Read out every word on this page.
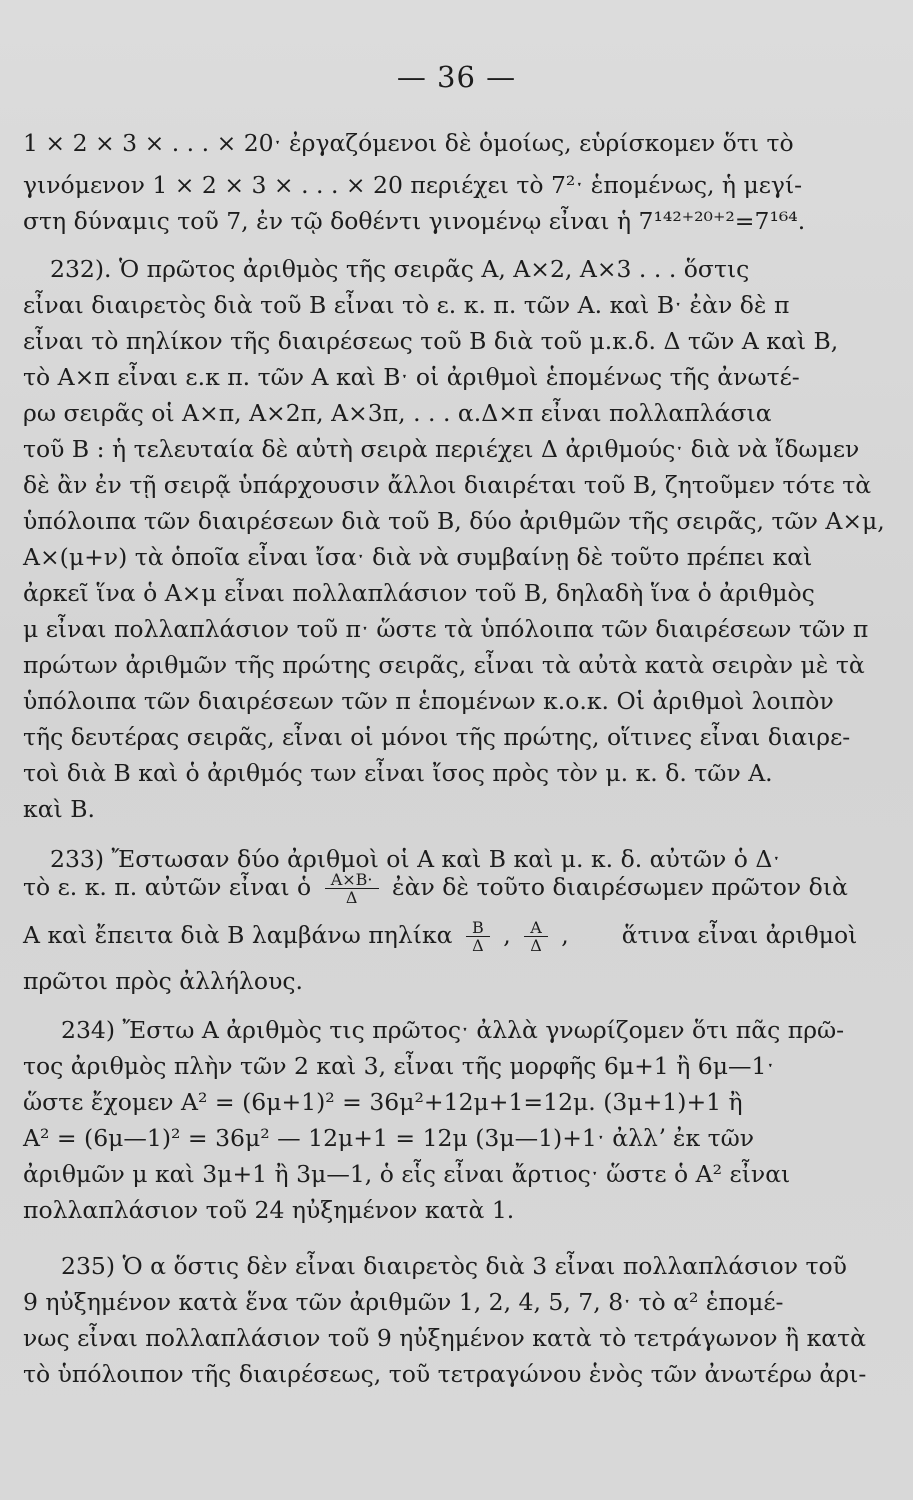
— 36 —
1 × 2 × 3 × . . . × 20ˑ ἐργαζόμενοι δὲ ὁμοίως, εὑρίσκομεν ὅτι τὸ
γινόμενον 1 × 2 × 3 × . . . × 20 περιέχει τὸ 7²ˑ ἑπομένως, ἡ μεγί-
στη δύναμις τοῦ 7, ἐν τῷ δοθέντι γινομένῳ εἶναι ἡ 7¹⁴²⁺²⁰⁺²=7¹⁶⁴.
232). Ὁ πρῶτος ἀριθμὸς τῆς σειρᾶς Α, Α×2, Α×3 . . . ὅστις
εἶναι διαιρετὸς διὰ τοῦ Β εἶναι τὸ ε. κ. π. τῶν Α. καὶ Βˑ ἐὰν δὲ π
εἶναι τὸ πηλίκον τῆς διαιρέσεως τοῦ Β διὰ τοῦ μ.κ.δ. Δ τῶν Α καὶ Β,
τὸ Α×π εἶναι ε.κ π. τῶν Α καὶ Βˑ οἱ ἀριθμοὶ ἑπομένως τῆς ἀνωτέ-
ρω σειρᾶς οἱ Α×π, Α×2π, Α×3π, . . . α.Δ×π εἶναι πολλαπλάσια
τοῦ Β : ἡ τελευταία δὲ αὐτὴ σειρὰ περιέχει Δ ἀριθμούςˑ διὰ νὰ ἴδωμεν
δὲ ἂν ἐν τῇ σειρᾷ ὑπάρχουσιν ἄλλοι διαιρέται τοῦ Β, ζητοῦμεν τότε τὰ
ὑπόλοιπα τῶν διαιρέσεων διὰ τοῦ Β, δύο ἀριθμῶν τῆς σειρᾶς, τῶν Α×μ,
Α×(μ+ν) τὰ ὁποῖα εἶναι ἴσαˑ διὰ νὰ συμβαίνῃ δὲ τοῦτο πρέπει καὶ
ἀρκεῖ ἵνα ὁ Α×μ εἶναι πολλαπλάσιον τοῦ Β, δηλαδὴ ἵνα ὁ ἀριθμὸς
μ εἶναι πολλαπλάσιον τοῦ πˑ ὥστε τὰ ὑπόλοιπα τῶν διαιρέσεων τῶν π
πρώτων ἀριθμῶν τῆς πρώτης σειρᾶς, εἶναι τὰ αὐτὰ κατὰ σειρὰν μὲ τὰ
ὑπόλοιπα τῶν διαιρέσεων τῶν π ἑπομένων κ.ο.κ. Οἱ ἀριθμοὶ λοιπὸν
τῆς δευτέρας σειρᾶς, εἶναι οἱ μόνοι τῆς πρώτης, οἵτινες εἶναι διαιρε-
τοὶ διὰ Β καὶ ὁ ἀριθμός των εἶναι ἴσος πρὸς τὸν μ. κ. δ. τῶν Α.
καὶ Β.
233) Ἔστωσαν δύο ἀριθμοὶ οἱ Α καὶ Β καὶ μ. κ. δ. αὐτῶν ὁ Δˑ
τὸ ε. κ. π. αὐτῶν εἶναι ὁ $\frac{A\times B\cdot}{\Delta}$ ἐὰν δὲ τοῦτο διαιρέσωμεν πρῶτον διὰ
Α καὶ ἔπειτα διὰ Β λαμβάνω πηλίκα $\frac{B}{\Delta}$ , $\frac{A}{\Delta}$ , ἅτινα εἶναι ἀριθμοὶ
πρῶτοι πρὸς ἀλλήλους.
234) Ἔστω Α ἀριθμὸς τις πρῶτοςˑ ἀλλὰ γνωρίζομεν ὅτι πᾶς πρῶ-
τος ἀριθμὸς πλὴν τῶν 2 καὶ 3, εἶναι τῆς μορφῆς 6μ+1 ἢ 6μ—1ˑ
ὥστε ἔχομεν Α² = (6μ+1)² = 36μ²+12μ+1=12μ. (3μ+1)+1 ἢ
Α² = (6μ—1)² = 36μ² — 12μ+1 = 12μ (3μ—1)+1ˑ ἀλλʼ ἐκ τῶν
ἀριθμῶν μ καὶ 3μ+1 ἢ 3μ—1, ὁ εἷς εἶναι ἄρτιοςˑ ὥστε ὁ Α² εἶναι
πολλαπλάσιον τοῦ 24 ηὐξημένον κατὰ 1.
235) Ὁ α ὅστις δὲν εἶναι διαιρετὸς διὰ 3 εἶναι πολλαπλάσιον τοῦ
9 ηὐξημένον κατὰ ἕνα τῶν ἀριθμῶν 1, 2, 4, 5, 7, 8ˑ τὸ α² ἑπομέ-
νως εἶναι πολλαπλάσιον τοῦ 9 ηὐξημένον κατὰ τὸ τετράγωνον ἢ κατὰ
τὸ ὑπόλοιπον τῆς διαιρέσεως, τοῦ τετραγώνου ἑνὸς τῶν ἀνωτέρω ἀρι-
